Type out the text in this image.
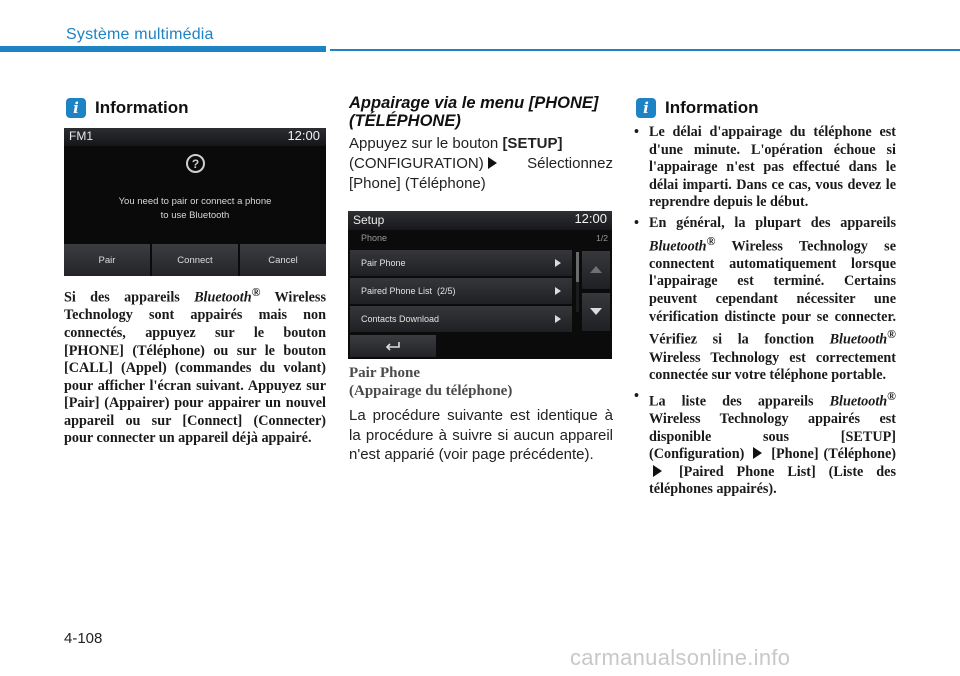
Système multimédia
i Information
FM1	12:00
?
You need to pair or connect a phone
to use Bluetooth
Pair	Connect	Cancel
Si des appareils Bluetooth® Wireless Technology sont appairés mais non connectés, appuyez sur le bouton [PHONE] (Téléphone) ou sur le bouton [CALL] (Appel) (commandes du volant) pour afficher l'écran suivant. Appuyez sur [Pair] (Appairer) pour appairer un nouvel appareil ou sur [Connect] (Connecter) pour connecter un appareil déjà appairé.
Appairage via le menu [PHONE] (TÉLÉPHONE)
Appuyez sur le bouton [SETUP]
(CONFIGURATION) Sélectionnez [Phone] (Téléphone)
Setup	12:00
Phone	1/2
Pair Phone
Paired Phone List  (2/5)
Contacts Download
Pair Phone
(Appairage du téléphone)
La procédure suivante est identique à la procédure à suivre si aucun appareil n'est apparié (voir page précédente).
i Information
• Le délai d'appairage du téléphone est d'une minute. L'opération échoue si l'appairage n'est pas effectué dans le délai imparti. Dans ce cas, vous devez le reprendre depuis le début.
• En général, la plupart des appareils Bluetooth® Wireless Technology se connectent automatiquement lorsque l'appairage est terminé. Certains peuvent cependant nécessiter une vérification distincte pour se connecter. Vérifiez si la fonction Bluetooth® Wireless Technology est correctement connectée sur votre téléphone portable.
• La liste des appareils Bluetooth® Wireless Technology appairés est disponible sous [SETUP] (Configuration)  [Phone] (Téléphone)  [Paired Phone List] (Liste des téléphones appairés).
4-108
carmanualsonline.info
